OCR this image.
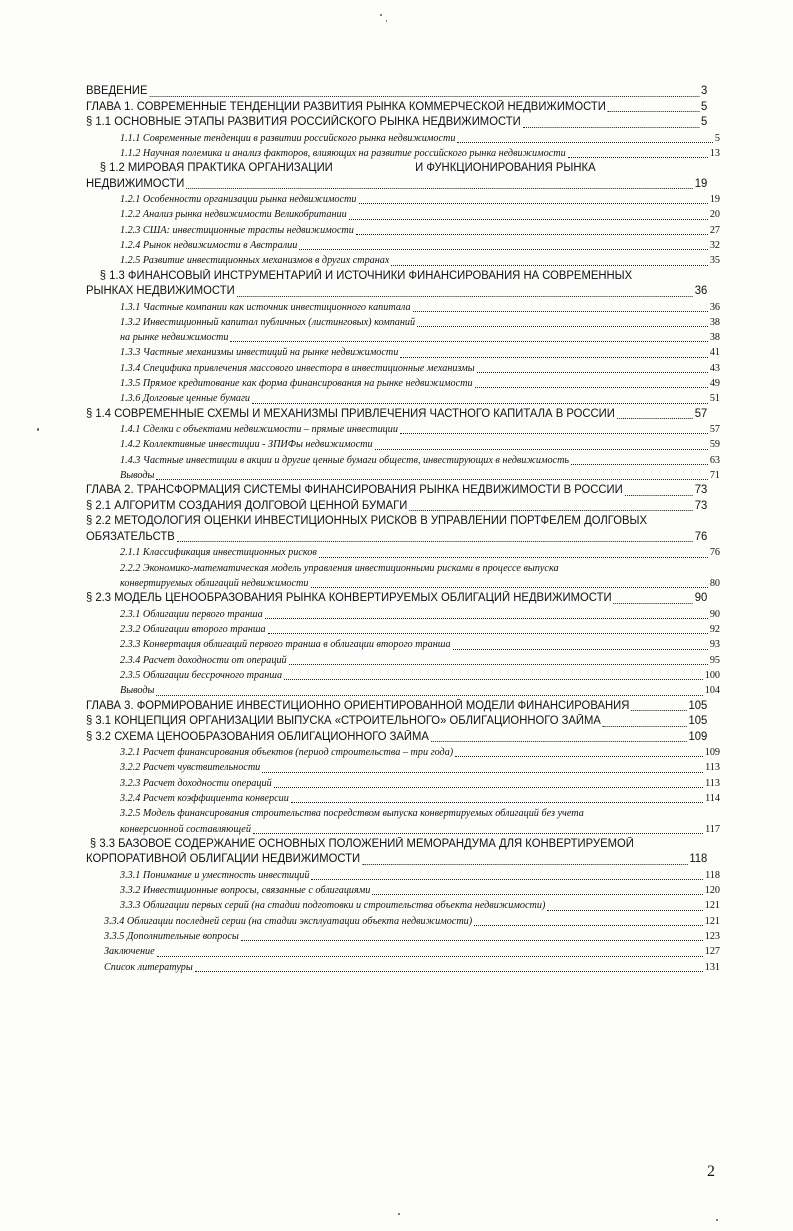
ВВЕДЕНИЕ	3
ГЛАВА 1. СОВРЕМЕННЫЕ ТЕНДЕНЦИИ РАЗВИТИЯ РЫНКА КОММЕРЧЕСКОЙ НЕДВИЖИМОСТИ	5
§ 1.1 ОСНОВНЫЕ ЭТАПЫ РАЗВИТИЯ РОССИЙСКОГО РЫНКА НЕДВИЖИМОСТИ	5
1.1.1 Современные тенденции в развитии российского рынка недвижимости	5
1.1.2 Научная полемика и анализ факторов, влияющих на развитие российского рынка недвижимости	13
§ 1.2 МИРОВАЯ ПРАКТИКА ОРГАНИЗАЦИИ	И ФУНКЦИОНИРОВАНИЯ РЫНКА
НЕДВИЖИМОСТИ	19
1.2.1 Особенности организации рынка недвижимости	19
1.2.2 Анализ рынка недвижимости Великобритании	20
1.2.3 США: инвестиционные трасты недвижимости	27
1.2.4 Рынок недвижимости в Австралии	32
1.2.5 Развитие инвестиционных механизмов в других странах	35
§ 1.3 ФИНАНСОВЫЙ ИНСТРУМЕНТАРИЙ И ИСТОЧНИКИ ФИНАНСИРОВАНИЯ НА СОВРЕМЕННЫХ
РЫНКАХ НЕДВИЖИМОСТИ	36
1.3.1 Частные компании как источник инвестиционного капитала	36
1.3.2 Инвестиционный капитал публичных (листинговых) компаний	38
на рынке недвижимости	38
1.3.3 Частные механизмы инвестиций на рынке недвижимости	41
1.3.4 Специфика привлечения массового инвестора в инвестиционные механизмы	43
1.3.5 Прямое кредитование как форма финансирования на рынке недвижимости	49
1.3.6 Долговые ценные бумаги	51
§ 1.4 СОВРЕМЕННЫЕ СХЕМЫ И МЕХАНИЗМЫ ПРИВЛЕЧЕНИЯ ЧАСТНОГО КАПИТАЛА В РОССИИ	57
1.4.1 Сделки с объектами недвижимости – прямые инвестиции	57
1.4.2 Коллективные инвестиции - ЗПИФы недвижимости	59
1.4.3 Частные инвестиции в акции и другие ценные бумаги обществ, инвестирующих в недвижимость	63
Выводы	71
ГЛАВА 2. ТРАНСФОРМАЦИЯ СИСТЕМЫ ФИНАНСИРОВАНИЯ РЫНКА НЕДВИЖИМОСТИ В РОССИИ	73
§ 2.1 АЛГОРИТМ СОЗДАНИЯ ДОЛГОВОЙ ЦЕННОЙ БУМАГИ	73
§ 2.2 МЕТОДОЛОГИЯ ОЦЕНКИ ИНВЕСТИЦИОННЫХ РИСКОВ В УПРАВЛЕНИИ ПОРТФЕЛЕМ ДОЛГОВЫХ
ОБЯЗАТЕЛЬСТВ	76
2.1.1 Классификация инвестиционных рисков	76
2.2.2 Экономико-математическая модель управления инвестиционными рисками в процессе выпуска
конвертируемых облигаций недвижимости	80
§ 2.3 МОДЕЛЬ ЦЕНООБРАЗОВАНИЯ РЫНКА КОНВЕРТИРУЕМЫХ ОБЛИГАЦИЙ НЕДВИЖИМОСТИ	90
2.3.1 Облигации первого транша	90
2.3.2 Облигации второго транша	92
2.3.3 Конвертация облигаций первого транша в облигации второго транша	93
2.3.4 Расчет доходности от операций	95
2.3.5 Облигации бессрочного транша	100
Выводы	104
ГЛАВА 3. ФОРМИРОВАНИЕ ИНВЕСТИЦИОННО ОРИЕНТИРОВАННОЙ МОДЕЛИ ФИНАНСИРОВАНИЯ	105
§ 3.1 КОНЦЕПЦИЯ ОРГАНИЗАЦИИ ВЫПУСКА «СТРОИТЕЛЬНОГО» ОБЛИГАЦИОННОГО ЗАЙМА	105
§ 3.2 СХЕМА ЦЕНООБРАЗОВАНИЯ ОБЛИГАЦИОННОГО ЗАЙМА	109
3.2.1 Расчет финансирования объектов (период строительства – три года)	109
3.2.2 Расчет чувствительности	113
3.2.3 Расчет доходности операций	113
3.2.4 Расчет коэффициента конверсии	114
3.2.5 Модель финансирования строительства посредством выпуска конвертируемых облигаций без учета
конверсионной составляющей	117
§ 3.3 БАЗОВОЕ СОДЕРЖАНИЕ ОСНОВНЫХ ПОЛОЖЕНИЙ МЕМОРАНДУМА ДЛЯ КОНВЕРТИРУЕМОЙ
КОРПОРАТИВНОЙ ОБЛИГАЦИИ НЕДВИЖИМОСТИ	118
3.3.1 Понимание и уместность инвестиций	118
3.3.2 Инвестиционные вопросы, связанные с облигациями	120
3.3.3 Облигации первых серий (на стадии подготовки и строительства объекта недвижимости)	121
3.3.4 Облигации последней серии (на стадии эксплуатации объекта недвижимости)	121
3.3.5 Дополнительные вопросы	123
Заключение	127
Список литературы	131
2
